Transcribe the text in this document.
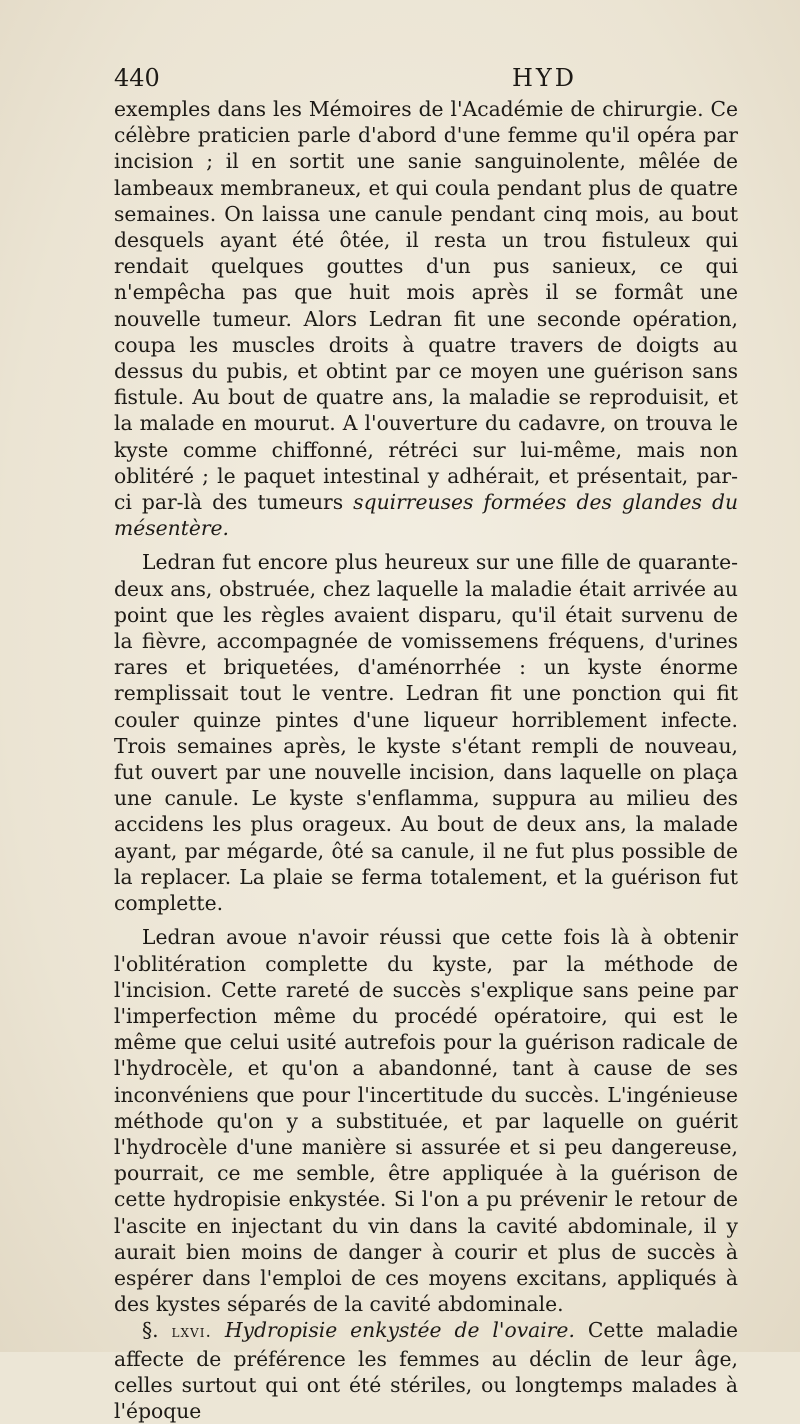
440	HYD

exemples dans les Mémoires de l'Académie de chirurgie. Ce célèbre praticien parle d'abord d'une femme qu'il opéra par incision ; il en sortit une sanie sanguinolente, mêlée de lambeaux membraneux, et qui coula pendant plus de quatre semaines. On laissa une canule pendant cinq mois, au bout desquels ayant été ôtée, il resta un trou fistuleux qui rendait quelques gouttes d'un pus sanieux, ce qui n'empêcha pas que huit mois après il se formât une nouvelle tumeur. Alors Ledran fit une seconde opération, coupa les muscles droits à quatre travers de doigts au dessus du pubis, et obtint par ce moyen une guérison sans fistule. Au bout de quatre ans, la maladie se reproduisit, et la malade en mourut. A l'ouverture du cadavre, on trouva le kyste comme chiffonné, rétréci sur lui-même, mais non oblitéré ; le paquet intestinal y adhérait, et présentait, par-ci par-là des tumeurs squirreuses formées des glandes du mésentère.

Ledran fut encore plus heureux sur une fille de quarante-deux ans, obstruée, chez laquelle la maladie était arrivée au point que les règles avaient disparu, qu'il était survenu de la fièvre, accompagnée de vomissemens fréquens, d'urines rares et briquetées, d'aménorrhée : un kyste énorme remplissait tout le ventre. Ledran fit une ponction qui fit couler quinze pintes d'une liqueur horriblement infecte. Trois semaines après, le kyste s'étant rempli de nouveau, fut ouvert par une nouvelle incision, dans laquelle on plaça une canule. Le kyste s'enflamma, suppura au milieu des accidens les plus orageux. Au bout de deux ans, la malade ayant, par mégarde, ôté sa canule, il ne fut plus possible de la replacer. La plaie se ferma totalement, et la guérison fut complette.

Ledran avoue n'avoir réussi que cette fois là à obtenir l'oblitération complette du kyste, par la méthode de l'incision. Cette rareté de succès s'explique sans peine par l'imperfection même du procédé opératoire, qui est le même que celui usité autrefois pour la guérison radicale de l'hydrocèle, et qu'on a abandonné, tant à cause de ses inconvéniens que pour l'incertitude du succès. L'ingénieuse méthode qu'on y a substituée, et par laquelle on guérit l'hydrocèle d'une manière si assurée et si peu dangereuse, pourrait, ce me semble, être appliquée à la guérison de cette hydropisie enkystée. Si l'on a pu prévenir le retour de l'ascite en injectant du vin dans la cavité abdominale, il y aurait bien moins de danger à courir et plus de succès à espérer dans l'emploi de ces moyens excitans, appliqués à des kystes séparés de la cavité abdominale.

§. lxvi. Hydropisie enkystée de l'ovaire. Cette maladie affecte de préférence les femmes au déclin de leur âge, celles surtout qui ont été stériles, ou longtemps malades à l'époque
